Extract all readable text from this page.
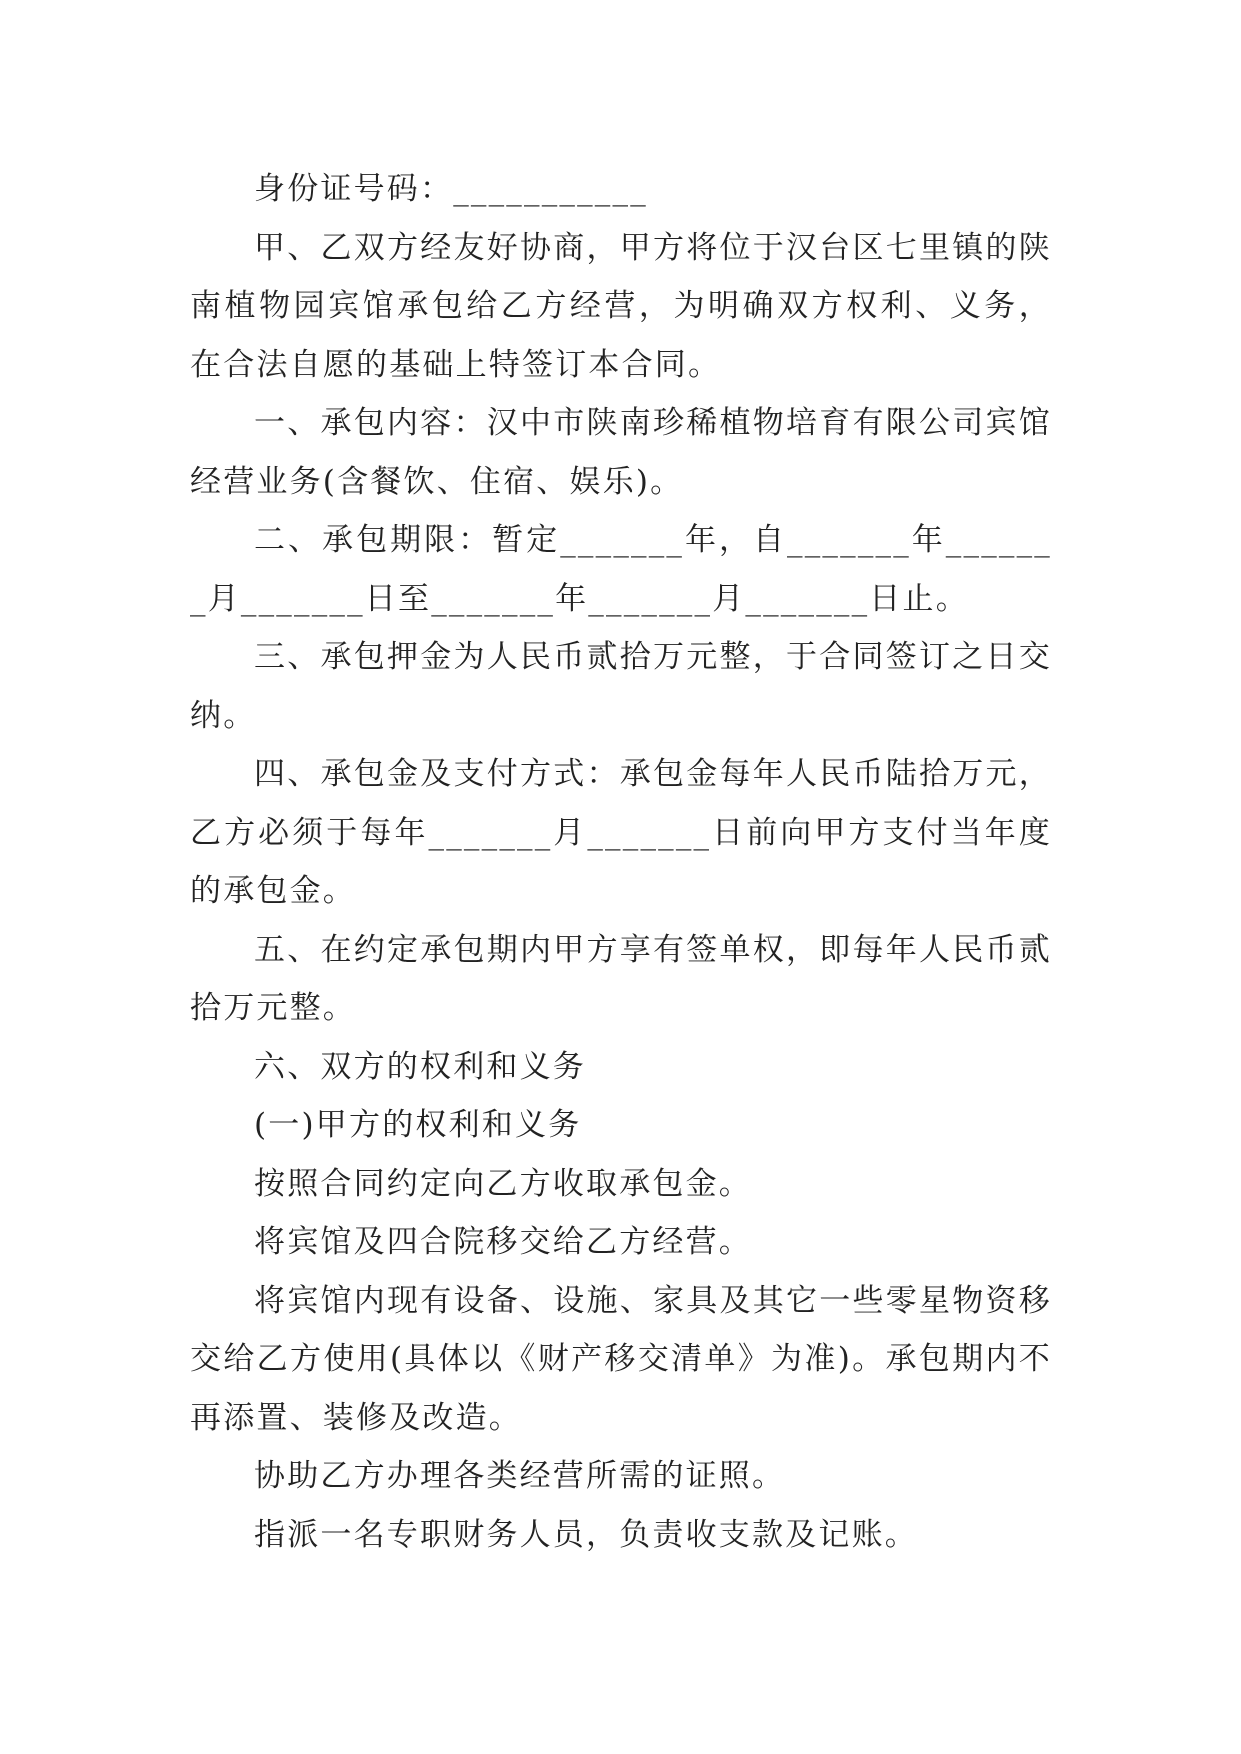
身份证号码：___________

甲、乙双方经友好协商，甲方将位于汉台区七里镇的陕南植物园宾馆承包给乙方经营，为明确双方权利、义务，在合法自愿的基础上特签订本合同。

一、承包内容：汉中市陕南珍稀植物培育有限公司宾馆经营业务(含餐饮、住宿、娱乐)。

二、承包期限：暂定_______年，自_______年_______月_______日至_______年_______月_______日止。

三、承包押金为人民币贰拾万元整，于合同签订之日交纳。

四、承包金及支付方式：承包金每年人民币陆拾万元，乙方必须于每年_______月_______日前向甲方支付当年度的承包金。

五、在约定承包期内甲方享有签单权，即每年人民币贰拾万元整。

六、双方的权利和义务

(一)甲方的权利和义务

按照合同约定向乙方收取承包金。

将宾馆及四合院移交给乙方经营。

将宾馆内现有设备、设施、家具及其它一些零星物资移交给乙方使用(具体以《财产移交清单》为准)。承包期内不再添置、装修及改造。

协助乙方办理各类经营所需的证照。

指派一名专职财务人员，负责收支款及记账。
